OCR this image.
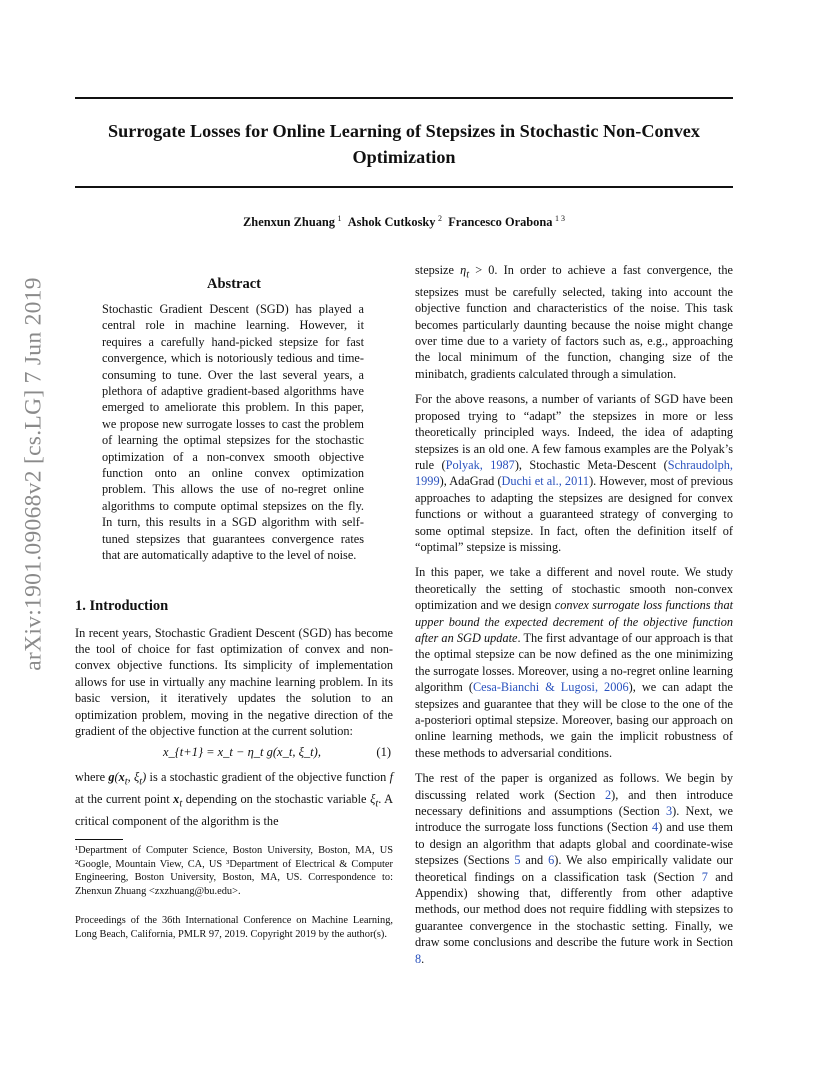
Surrogate Losses for Online Learning of Stepsizes in Stochastic Non-Convex
Optimization
Zhenxun Zhuang  $^1$ Ashok Cutkosky  $^2$ Francesco Orabona  $^{1 3}$
arXiv:1901.09068v2 [cs.LG] 7 Jun 2019	Abstract

Stochastic Gradient Descent (SGD) has played a central role in machine learning. However, it requires a carefully hand-picked stepsize for fast convergence, which is notoriously tedious and time-consuming to tune. Over the last several years, a plethora of adaptive gradient-based algorithms have emerged to ameliorate this problem. In this paper, we propose new surrogate losses to cast the problem of learning the optimal stepsizes for the stochastic optimization of a non-convex smooth objective function onto an online convex optimization problem. This allows the use of no-regret online algorithms to compute optimal stepsizes on the fly. In turn, this results in a SGD algorithm with self-tuned stepsizes that guarantees convergence rates that are automatically adaptive to the level of noise.

1. Introduction

In recent years, Stochastic Gradient Descent (SGD) has become the tool of choice for fast optimization of convex and non-convex objective functions. Its simplicity of implementation allows for use in virtually any machine learning problem. In its basic version, it iteratively updates the solution to an optimization problem, moving in the negative direction of the gradient of the objective function at the current solution:

x_{t+1} = x_t − η_t g(x_t, ξ_t),	(1)

where $g(x_t$, $\xi_t$) is a stochastic gradient of the objective function f at the current point $x_t$ depending on the stochastic variable $\xi_t$. A critical component of the algorithm is the

¹Department of Computer Science, Boston University, Boston, MA, US ²Google, Mountain View, CA, US ³Department of Electrical & Computer Engineering, Boston University, Boston, MA, US. Correspondence to: Zhenxun Zhuang <zxzhuang@bu.edu>.

Proceedings of the 36th International Conference on Machine Learning, Long Beach, California, PMLR 97, 2019. Copyright 2019 by the author(s).

stepsize $\eta_t > 0$. In order to achieve a fast convergence, the stepsizes must be carefully selected, taking into account the objective function and characteristics of the noise. This task becomes particularly daunting because the noise might change over time due to a variety of factors such as, e.g., approaching the local minimum of the function, changing size of the minibatch, gradients calculated through a simulation.

For the above reasons, a number of variants of SGD have been proposed trying to “adapt” the stepsizes in more or less theoretically principled ways. Indeed, the idea of adapting stepsizes is an old one. A few famous examples are the Polyak’s rule (Polyak, 1987), Stochastic Meta-Descent (Schraudolph, 1999), AdaGrad (Duchi et al., 2011). However, most of previous approaches to adapting the stepsizes are designed for convex functions or without a guaranteed strategy of converging to some optimal stepsize. In fact, often the definition itself of “optimal” stepsize is missing.

In this paper, we take a different and novel route. We study theoretically the setting of stochastic smooth non-convex optimization and we design convex surrogate loss functions that upper bound the expected decrement of the objective function after an SGD update. The first advantage of our approach is that the optimal stepsize can be now defined as the one minimizing the surrogate losses. Moreover, using a no-regret online learning algorithm (Cesa-Bianchi & Lugosi, 2006), we can adapt the stepsizes and guarantee that they will be close to the one of the a-posteriori optimal stepsize. Moreover, basing our approach on online learning methods, we gain the implicit robustness of these methods to adversarial conditions.

The rest of the paper is organized as follows. We begin by discussing related work (Section 2), and then introduce necessary definitions and assumptions (Section 3). Next, we introduce the surrogate loss functions (Section 4) and use them to design an algorithm that adapts global and coordinate-wise stepsizes (Sections 5 and 6). We also empirically validate our theoretical findings on a classification task (Section 7 and Appendix) showing that, differently from other adaptive methods, our method does not require fiddling with stepsizes to guarantee convergence in the stochastic setting. Finally, we draw some conclusions and describe the future work in Section 8.
